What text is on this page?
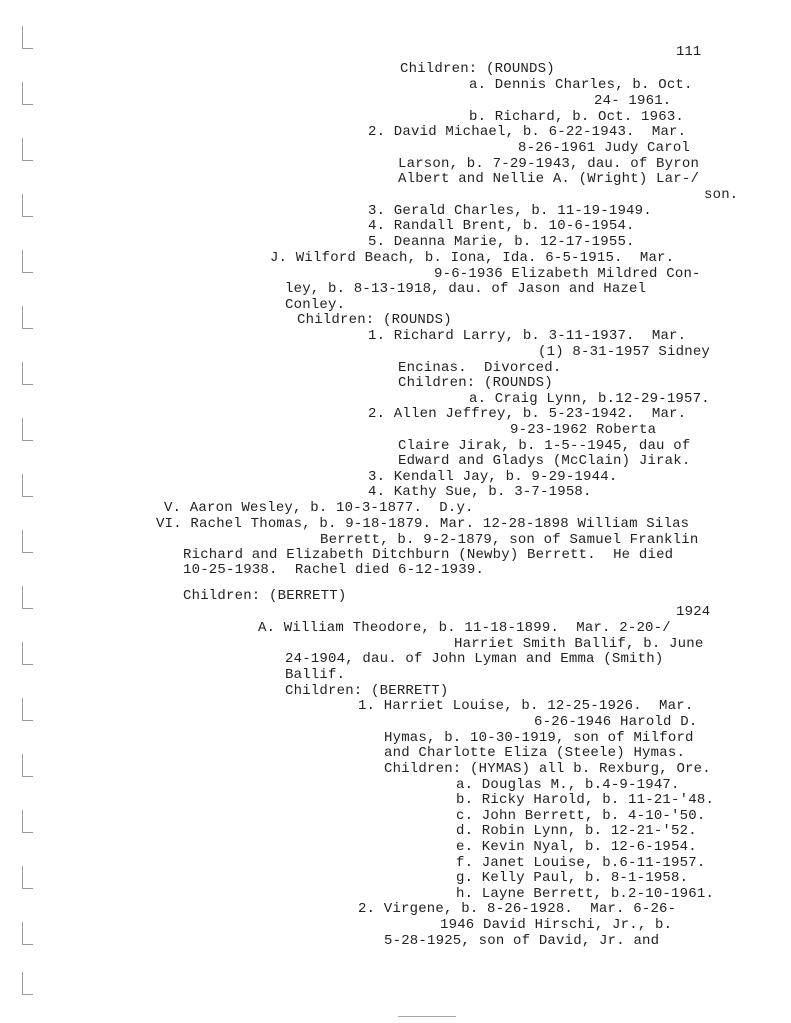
111
Children: (ROUNDS)
a. Dennis Charles, b. Oct.
24- 1961.
b. Richard, b. Oct. 1963.
2. David Michael, b. 6-22-1943.  Mar.
8-26-1961 Judy Carol
Larson, b. 7-29-1943, dau. of Byron
Albert and Nellie A. (Wright) Lar-/
son.
3. Gerald Charles, b. 11-19-1949.
4. Randall Brent, b. 10-6-1954.
5. Deanna Marie, b. 12-17-1955.
J. Wilford Beach, b. Iona, Ida. 6-5-1915.  Mar.
9-6-1936 Elizabeth Mildred Con-
ley, b. 8-13-1918, dau. of Jason and Hazel
Conley.
Children: (ROUNDS)
1. Richard Larry, b. 3-11-1937.  Mar.
(1) 8-31-1957 Sidney
Encinas.  Divorced.
Children: (ROUNDS)
a. Craig Lynn, b.12-29-1957.
2. Allen Jeffrey, b. 5-23-1942.  Mar.
9-23-1962 Roberta
Claire Jirak, b. 1-5--1945, dau of
Edward and Gladys (McClain) Jirak.
3. Kendall Jay, b. 9-29-1944.
4. Kathy Sue, b. 3-7-1958.
V. Aaron Wesley, b. 10-3-1877.  D.y.
VI. Rachel Thomas, b. 9-18-1879. Mar. 12-28-1898 William Silas
Berrett, b. 9-2-1879, son of Samuel Franklin
Richard and Elizabeth Ditchburn (Newby) Berrett.  He died
10-25-1938.  Rachel died 6-12-1939.
Children: (BERRETT)
1924
A. William Theodore, b. 11-18-1899.  Mar. 2-20-/
Harriet Smith Ballif, b. June
24-1904, dau. of John Lyman and Emma (Smith)
Ballif.
Children: (BERRETT)
1. Harriet Louise, b. 12-25-1926.  Mar.
6-26-1946 Harold D.
Hymas, b. 10-30-1919, son of Milford
and Charlotte Eliza (Steele) Hymas.
Children: (HYMAS) all b. Rexburg, Ore.
a. Douglas M., b.4-9-1947.
b. Ricky Harold, b. 11-21-'48.
c. John Berrett, b. 4-10-'50.
d. Robin Lynn, b. 12-21-'52.
e. Kevin Nyal, b. 12-6-1954.
f. Janet Louise, b.6-11-1957.
g. Kelly Paul, b. 8-1-1958.
h. Layne Berrett, b.2-10-1961.
2. Virgene, b. 8-26-1928.  Mar. 6-26-
1946 David Hirschi, Jr., b.
5-28-1925, son of David, Jr. and
